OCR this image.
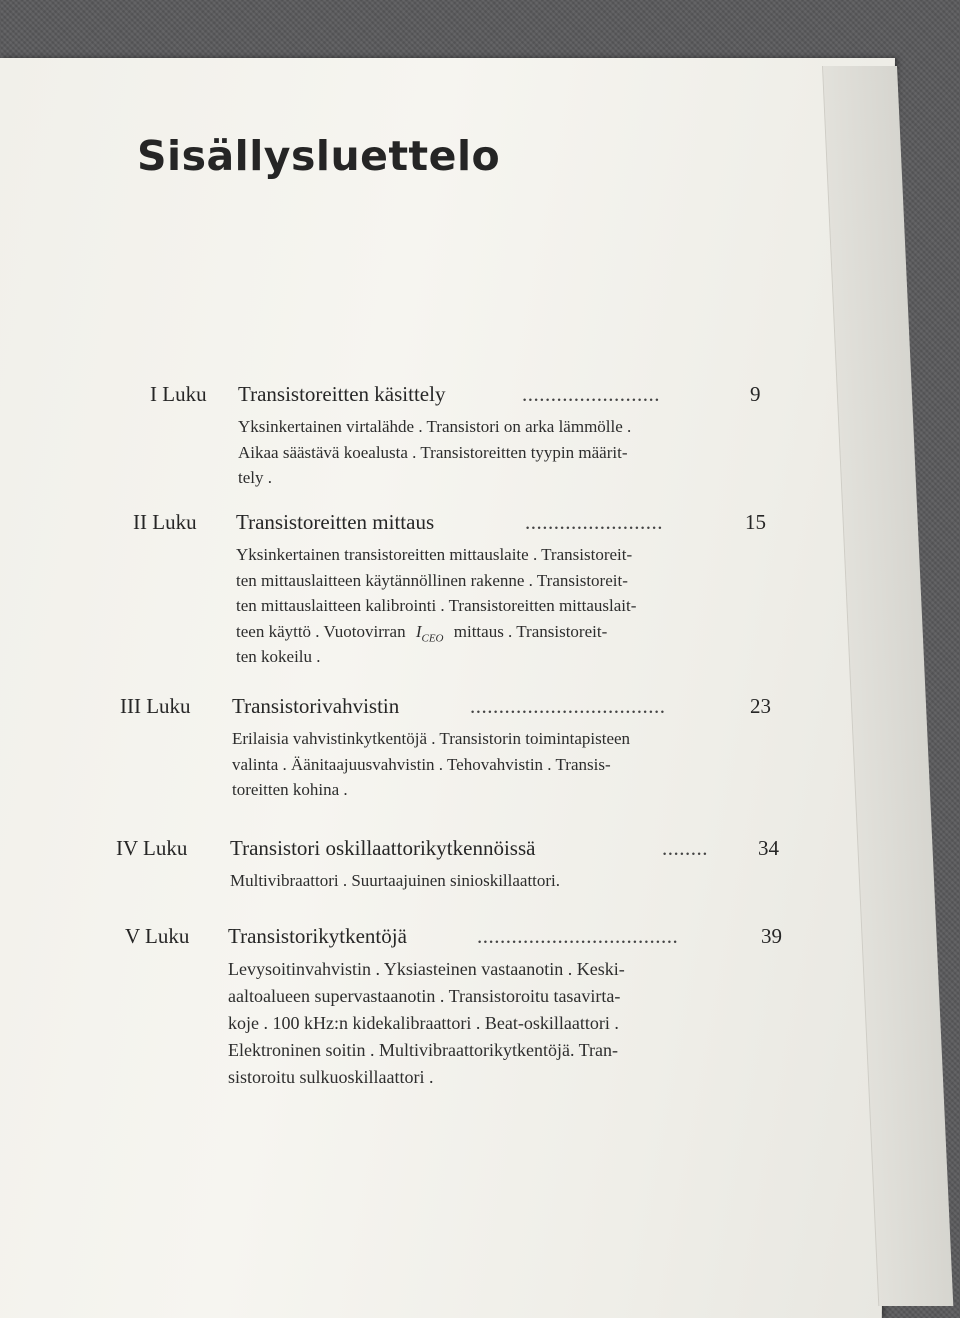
Sisällysluettelo
I Luku Transistoreitten käsittely	........................	9
Yksinkertainen virtalähde . Transistori on arka lämmölle .
Aikaa säästävä koealusta . Transistoreitten tyypin määrit-
tely .
II Luku Transistoreitten mittaus	........................	15
Yksinkertainen transistoreitten mittauslaite . Transistoreit-
ten mittauslaitteen käytännöllinen rakenne . Transistoreit-
ten mittauslaitteen kalibrointi . Transistoreitten mittauslait-
teen käyttö . Vuotovirran $I_{CEO}$ mittaus . Transistoreit-
ten kokeilu .
III Luku Transistorivahvistin	..................................	23
Erilaisia vahvistinkytkentöjä . Transistorin toimintapisteen
valinta . Äänitaajuusvahvistin . Tehovahvistin . Transis-
toreitten kohina .
IV Luku Transistori oskillaattorikytkennöissä	........ 34
Multivibraattori . Suurtaajuinen sinioskillaattori.
V Luku Transistorikytkentöjä	...................................	39
Levysoitinvahvistin . Yksiasteinen vastaanotin . Keski-
aaltoalueen supervastaanotin . Transistoroitu tasavirta-
koje . 100 kHz:n kidekalibraattori . Beat-oskillaattori .
Elektroninen soitin . Multivibraattorikytkentöjä. Tran-
sistoroitu sulkuoskillaattori .
